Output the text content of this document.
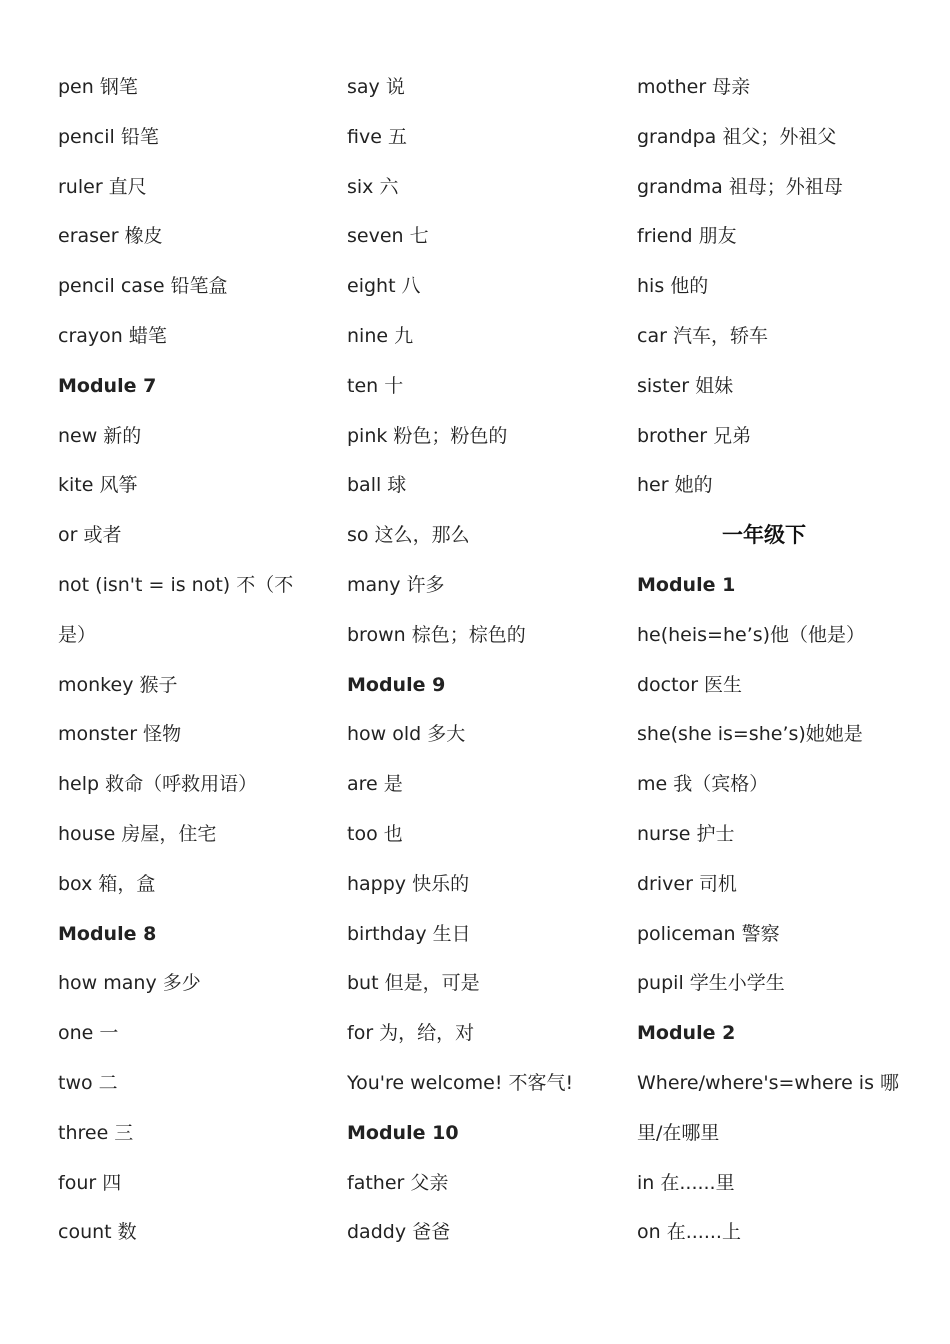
pen 钢笔
pencil 铅笔
ruler 直尺
eraser 橡皮
pencil case 铅笔盒
crayon 蜡笔
Module 7
new 新的
kite 风筝
or 或者
not (isn't = is not) 不（不
是）
monkey 猴子
monster 怪物
help 救命（呼救用语）
house 房屋，住宅
box 箱，盒
Module 8
how many 多少
one 一
two 二
three 三
four 四
count 数
say 说
five 五
six 六
seven 七
eight 八
nine 九
ten 十
pink 粉色；粉色的
ball 球
so 这么，那么
many 许多
brown 棕色；棕色的
Module 9
how old 多大
are 是
too 也
happy 快乐的
birthday 生日
but 但是，可是
for 为，给，对
You're welcome! 不客气!
Module 10
father 父亲
daddy 爸爸
mother 母亲
grandpa 祖父；外祖父
grandma 祖母；外祖母
friend 朋友
his 他的
car 汽车，轿车
sister 姐妹
brother 兄弟
her 她的
一年级下
Module 1
he(heis=he’s)他（他是）
doctor 医生
she(she is=she’s)她她是
me 我（宾格）
nurse 护士
driver 司机
policeman 警察
pupil 学生小学生
Module 2
Where/where's=where is 哪
里/在哪里
in 在......里
on 在......上
